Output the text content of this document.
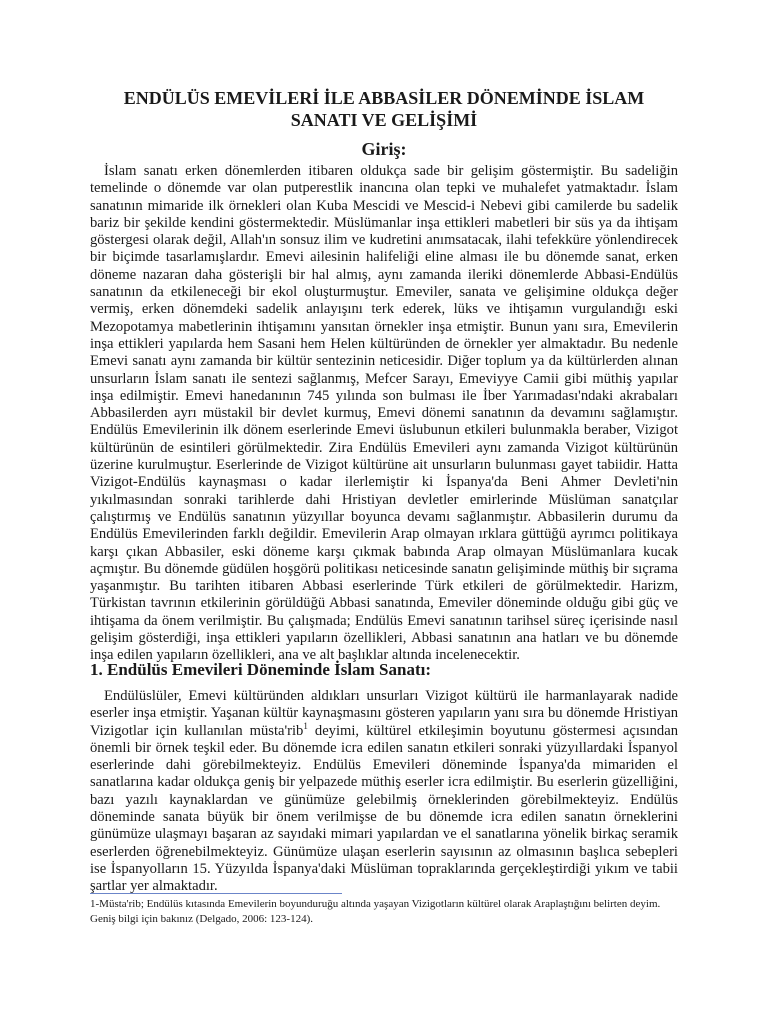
ENDÜLÜS EMEVİLERİ İLE ABBASİLER DÖNEMİNDE İSLAM SANATI VE GELİŞİMİ
Giriş:

İslam sanatı erken dönemlerden itibaren oldukça sade bir gelişim göstermiştir. Bu sadeliğin temelinde o dönemde var olan putperestlik inancına olan tepki ve muhalefet yatmaktadır. İslam sanatının mimaride ilk örnekleri olan Kuba Mescidi ve Mescid-i Nebevi gibi camilerde bu sadelik bariz bir şekilde kendini göstermektedir. Müslümanlar inşa ettikleri mabetleri bir süs ya da ihtişam göstergesi olarak değil, Allah'ın sonsuz ilim ve kudretini anımsatacak, ilahi tefekküre yönlendirecek bir biçimde tasarlamışlardır. Emevi ailesinin halifeliği eline alması ile bu dönemde sanat, erken döneme nazaran daha gösterişli bir hal almış, aynı zamanda ileriki dönemlerde Abbasi-Endülüs sanatının da etkileneceği bir ekol oluşturmuştur. Emeviler, sanata ve gelişimine oldukça değer vermiş, erken dönemdeki sadelik anlayışını terk ederek, lüks ve ihtişamın vurgulandığı eski Mezopotamya mabetlerinin ihtişamını yansıtan örnekler inşa etmiştir. Bunun yanı sıra, Emevilerin inşa ettikleri yapılarda hem Sasani hem Helen kültüründen de örnekler yer almaktadır. Bu nedenle Emevi sanatı aynı zamanda bir kültür sentezinin neticesidir. Diğer toplum ya da kültürlerden alınan unsurların İslam sanatı ile sentezi sağlanmış, Mefcer Sarayı, Emeviyye Camii gibi müthiş yapılar inşa edilmiştir. Emevi hanedanının 745 yılında son bulması ile İber Yarımadası'ndaki akrabaları Abbasilerden ayrı müstakil bir devlet kurmuş, Emevi dönemi sanatının da devamını sağlamıştır. Endülüs Emevilerinin ilk dönem eserlerinde Emevi üslubunun etkileri bulunmakla beraber, Vizigot kültürünün de esintileri görülmektedir. Zira Endülüs Emevileri aynı zamanda Vizigot kültürünün üzerine kurulmuştur. Eserlerinde de Vizigot kültürüne ait unsurların bulunması gayet tabiidir. Hatta Vizigot-Endülüs kaynaşması o kadar ilerlemiştir ki İspanya'da Beni Ahmer Devleti'nin yıkılmasından sonraki tarihlerde dahi Hristiyan devletler emirlerinde Müslüman sanatçılar çalıştırmış ve Endülüs sanatının yüzyıllar boyunca devamı sağlanmıştır. Abbasilerin durumu da Endülüs Emevilerinden farklı değildir. Emevilerin Arap olmayan ırklara güttüğü ayrımcı politikaya karşı çıkan Abbasiler, eski döneme karşı çıkmak babında Arap olmayan Müslümanlara kucak açmıştır. Bu dönemde güdülen hoşgörü politikası neticesinde sanatın gelişiminde müthiş bir sıçrama yaşanmıştır. Bu tarihten itibaren Abbasi eserlerinde Türk etkileri de görülmektedir. Harizm, Türkistan tavrının etkilerinin görüldüğü Abbasi sanatında, Emeviler döneminde olduğu gibi güç ve ihtişama da önem verilmiştir. Bu çalışmada; Endülüs Emevi sanatının tarihsel süreç içerisinde nasıl gelişim gösterdiği, inşa ettikleri yapıların özellikleri, Abbasi sanatının ana hatları ve bu dönemde inşa edilen yapıların özellikleri, ana ve alt başlıklar altında incelenecektir.

1. Endülüs Emevileri Döneminde İslam Sanatı:

Endülüslüler, Emevi kültüründen aldıkları unsurları Vizigot kültürü ile harmanlayarak nadide eserler inşa etmiştir. Yaşanan kültür kaynaşmasını gösteren yapıların yanı sıra bu dönemde Hristiyan Vizigotlar için kullanılan müsta'rib$^1$ deyimi, kültürel etkileşimin boyutunu göstermesi açısından önemli bir örnek teşkil eder. Bu dönemde icra edilen sanatın etkileri sonraki yüzyıllardaki İspanyol eserlerinde dahi görebilmekteyiz. Endülüs Emevileri döneminde İspanya'da mimariden el sanatlarına kadar oldukça geniş bir yelpazede müthiş eserler icra edilmiştir. Bu eserlerin güzelliğini, bazı yazılı kaynaklardan ve günümüze gelebilmiş örneklerinden görebilmekteyiz. Endülüs döneminde sanata büyük bir önem verilmişse de bu dönemde icra edilen sanatın örneklerini günümüze ulaşmayı başaran az sayıdaki mimari yapılardan ve el sanatlarına yönelik birkaç seramik eserlerden öğrenebilmekteyiz. Günümüze ulaşan eserlerin sayısının az olmasının başlıca sebepleri ise İspanyolların 15. Yüzyılda İspanya'daki Müslüman topraklarında gerçekleştirdiği yıkım ve tabii şartlar yer almaktadır.

1-Müsta'rib; Endülüs kıtasında Emevilerin boyunduruğu altında yaşayan Vizigotların kültürel olarak Araplaştığını belirten deyim. Geniş bilgi için bakınız (Delgado, 2006: 123-124).
